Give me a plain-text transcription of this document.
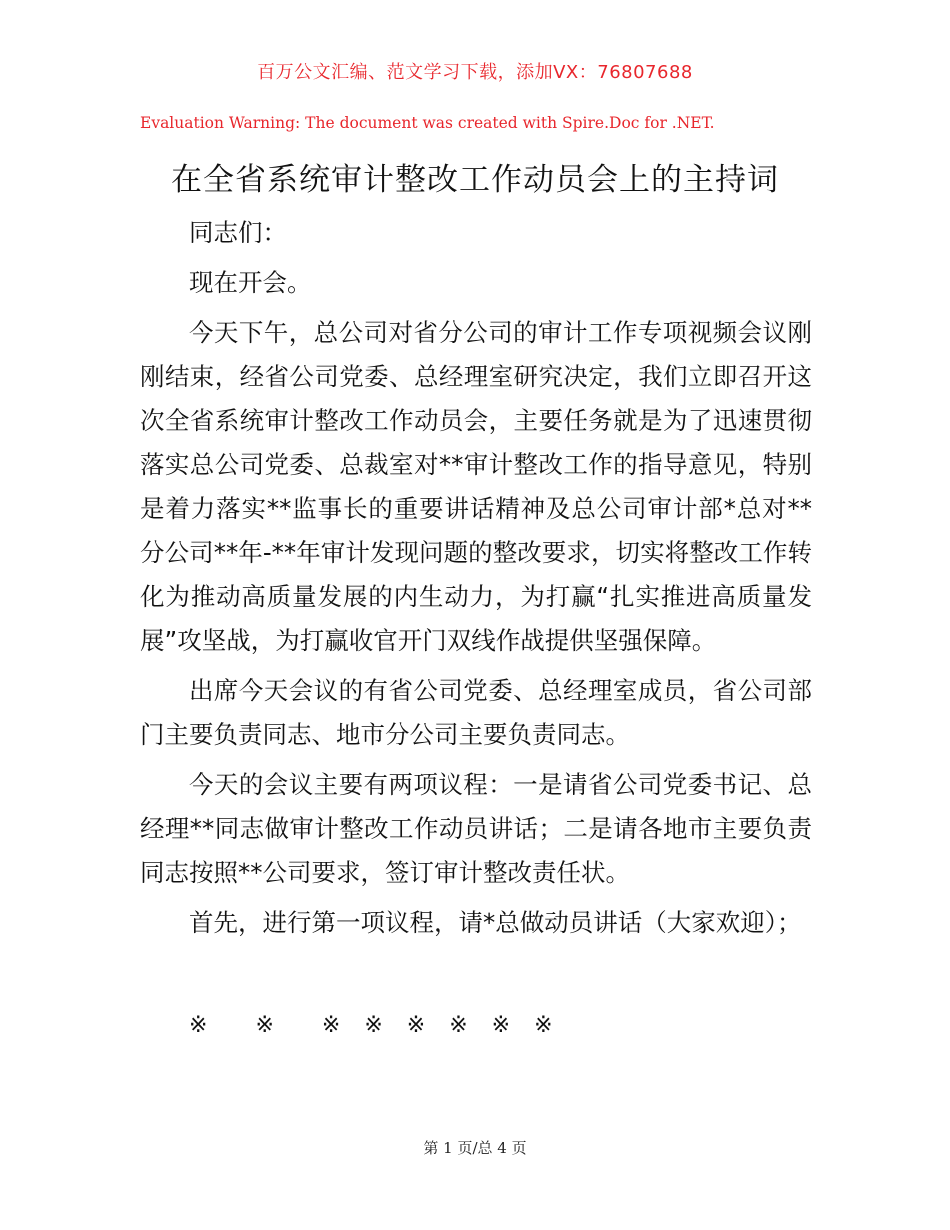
百万公文汇编、范文学习下载，添加VX：76807688
Evaluation Warning: The document was created with Spire.Doc for .NET.
在全省系统审计整改工作动员会上的主持词

同志们：

现在开会。

今天下午，总公司对省分公司的审计工作专项视频会议刚刚结束，经省公司党委、总经理室研究决定，我们立即召开这次全省系统审计整改工作动员会，主要任务就是为了迅速贯彻落实总公司党委、总裁室对**审计整改工作的指导意见，特别是着力落实**监事长的重要讲话精神及总公司审计部*总对**分公司**年-**年审计发现问题的整改要求，切实将整改工作转化为推动高质量发展的内生动力，为打赢“扎实推进高质量发展”攻坚战，为打赢收官开门双线作战提供坚强保障。

出席今天会议的有省公司党委、总经理室成员，省公司部门主要负责同志、地市分公司主要负责同志。

今天的会议主要有两项议程：一是请省公司党委书记、总经理**同志做审计整改工作动员讲话；二是请各地市主要负责同志按照**公司要求，签订审计整改责任状。

首先，进行第一项议程，请*总做动员讲话（大家欢迎）；

※ ※ ※ ※ ※ ※ ※ ※
第 1 页/总 4 页
